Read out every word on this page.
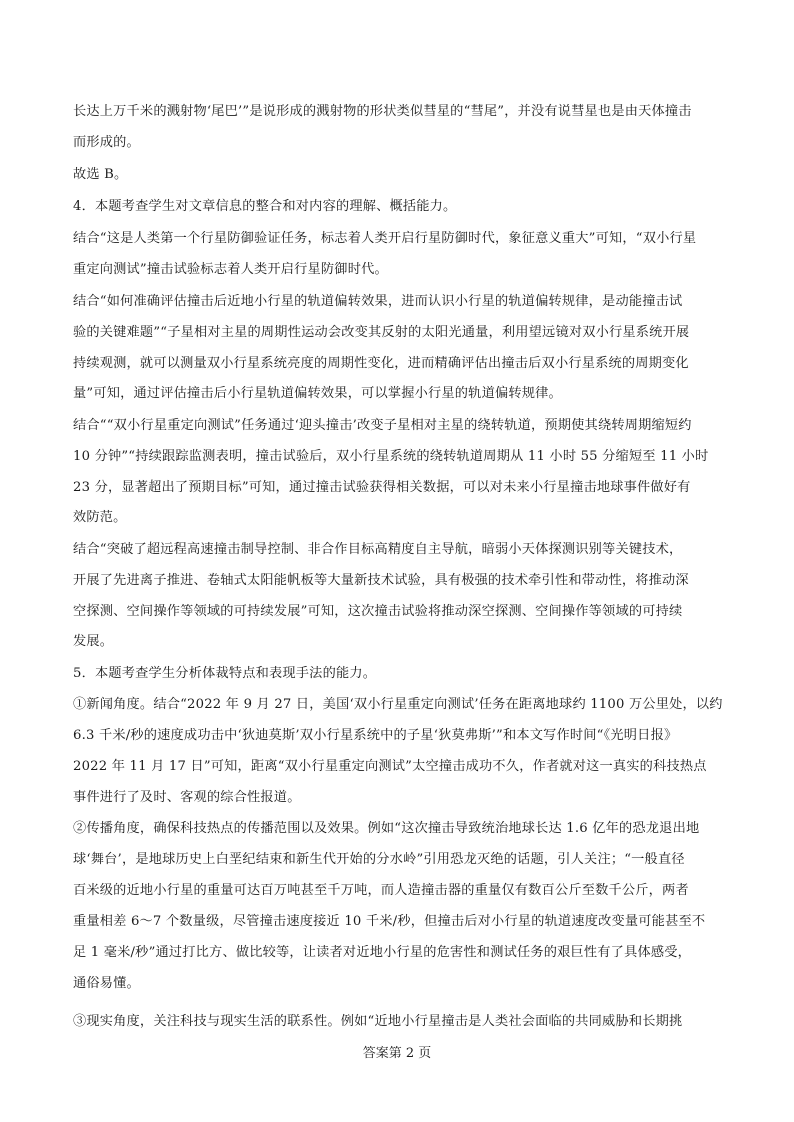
长达上万千米的溅射物‘尾巴’”是说形成的溅射物的形状类似彗星的“彗尾”，并没有说彗星也是由天体撞击
而形成的。
故选 B。
4．本题考查学生对文章信息的整合和对内容的理解、概括能力。
结合“这是人类第一个行星防御验证任务，标志着人类开启行星防御时代，象征意义重大”可知，“双小行星
重定向测试”撞击试验标志着人类开启行星防御时代。
结合“如何准确评估撞击后近地小行星的轨道偏转效果，进而认识小行星的轨道偏转规律，是动能撞击试
验的关键难题”“子星相对主星的周期性运动会改变其反射的太阳光通量，利用望远镜对双小行星系统开展
持续观测，就可以测量双小行星系统亮度的周期性变化，进而精确评估出撞击后双小行星系统的周期变化
量”可知，通过评估撞击后小行星轨道偏转效果，可以掌握小行星的轨道偏转规律。
结合““双小行星重定向测试”任务通过‘迎头撞击’改变子星相对主星的绕转轨道，预期使其绕转周期缩短约
10 分钟”“持续跟踪监测表明，撞击试验后，双小行星系统的绕转轨道周期从 11 小时 55 分缩短至 11 小时
23 分，显著超出了预期目标”可知，通过撞击试验获得相关数据，可以对未来小行星撞击地球事件做好有
效防范。
结合“突破了超远程高速撞击制导控制、非合作目标高精度自主导航，暗弱小天体探测识别等关键技术，
开展了先进离子推进、卷轴式太阳能帆板等大量新技术试验，具有极强的技术牵引性和带动性，将推动深
空探测、空间操作等领域的可持续发展”可知，这次撞击试验将推动深空探测、空间操作等领域的可持续
发展。
5．本题考查学生分析体裁特点和表现手法的能力。
①新闻角度。结合“2022 年 9 月 27 日，美国‘双小行星重定向测试’任务在距离地球约 1100 万公里处，以约
6.3 千米/秒的速度成功击中‘狄迪莫斯’双小行星系统中的子星‘狄莫弗斯’”和本文写作时间“《光明日报》
2022 年 11 月 17 日”可知，距离“双小行星重定向测试”太空撞击成功不久，作者就对这一真实的科技热点
事件进行了及时、客观的综合性报道。
②传播角度，确保科技热点的传播范围以及效果。例如“这次撞击导致统治地球长达 1.6 亿年的恐龙退出地
球‘舞台’，是地球历史上白垩纪结束和新生代开始的分水岭”引用恐龙灭绝的话题，引人关注；“一般直径
百米级的近地小行星的重量可达百万吨甚至千万吨，而人造撞击器的重量仅有数百公斤至数千公斤，两者
重量相差 6～7 个数量级，尽管撞击速度接近 10 千米/秒，但撞击后对小行星的轨道速度改变量可能甚至不
足 1 毫米/秒”通过打比方、做比较等，让读者对近地小行星的危害性和测试任务的艰巨性有了具体感受，
通俗易懂。
③现实角度，关注科技与现实生活的联系性。例如“近地小行星撞击是人类社会面临的共同威胁和长期挑
答案第 2 页
